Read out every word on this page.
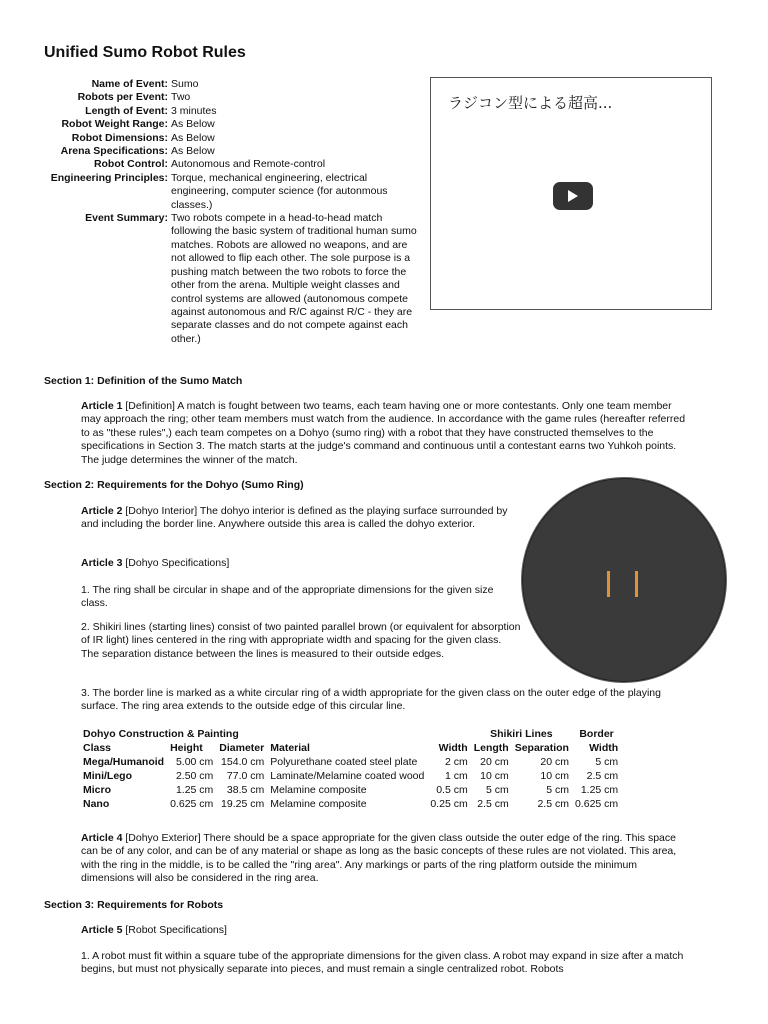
Unified Sumo Robot Rules
Name of Event: Sumo
Robots per Event: Two
Length of Event: 3 minutes
Robot Weight Range: As Below
Robot Dimensions: As Below
Arena Specifications: As Below
Robot Control: Autonomous and Remote-control
Engineering Principles: Torque, mechanical engineering, electrical engineering, computer science (for autonmous classes.)
Event Summary: Two robots compete in a head-to-head match following the basic system of traditional human sumo matches. Robots are allowed no weapons, and are not allowed to flip each other. The sole purpose is a pushing match between the two robots to force the other from the arena. Multiple weight classes and control systems are allowed (autonomous compete against autonomous and R/C against R/C - they are separate classes and do not compete against each other.)
ラジコン型による超高...
Section 1: Definition of the Sumo Match
Article 1 [Definition] A match is fought between two teams, each team having one or more contestants. Only one team member may approach the ring; other team members must watch from the audience. In accordance with the game rules (hereafter referred to as "these rules",) each team competes on a Dohyo (sumo ring) with a robot that they have constructed themselves to the specifications in Section 3. The match starts at the judge's command and continuous until a contestant earns two Yuhkoh points. The judge determines the winner of the match.
Section 2: Requirements for the Dohyo (Sumo Ring)
Article 2 [Dohyo Interior] The dohyo interior is defined as the playing surface surrounded by and including the border line. Anywhere outside this area is called the dohyo exterior.
Article 3 [Dohyo Specifications]
1. The ring shall be circular in shape and of the appropriate dimensions for the given size class.
2. Shikiri lines (starting lines) consist of two painted parallel brown (or equivalent for absorption of IR light) lines centered in the ring with appropriate width and spacing for the given class. The separation distance between the lines is measured to their outside edges.
3. The border line is marked as a white circular ring of a width appropriate for the given class on the outer edge of the playing surface. The ring area extends to the outside edge of this circular line.
Dohyo Construction & Painting					Shikiri Lines		Border
Class	Height	Diameter	Material	Width	Length	Separation	Width
Mega/Humanoid	5.00 cm	154.0 cm	Polyurethane coated steel plate	2 cm	20 cm	20 cm	5 cm
Mini/Lego	2.50 cm	77.0 cm	Laminate/Melamine coated wood	1 cm	10 cm	10 cm	2.5 cm
Micro	1.25 cm	38.5 cm	Melamine composite	0.5 cm	5 cm	5 cm	1.25 cm
Nano	0.625 cm	19.25 cm	Melamine composite	0.25 cm	2.5 cm	2.5 cm	0.625 cm
Article 4 [Dohyo Exterior] There should be a space appropriate for the given class outside the outer edge of the ring. This space can be of any color, and can be of any material or shape as long as the basic concepts of these rules are not violated. This area, with the ring in the middle, is to be called the "ring area". Any markings or parts of the ring platform outside the minimum dimensions will also be considered in the ring area.
Section 3: Requirements for Robots
Article 5 [Robot Specifications]
1. A robot must fit within a square tube of the appropriate dimensions for the given class. A robot may expand in size after a match begins, but must not physically separate into pieces, and must remain a single centralized robot. Robots
